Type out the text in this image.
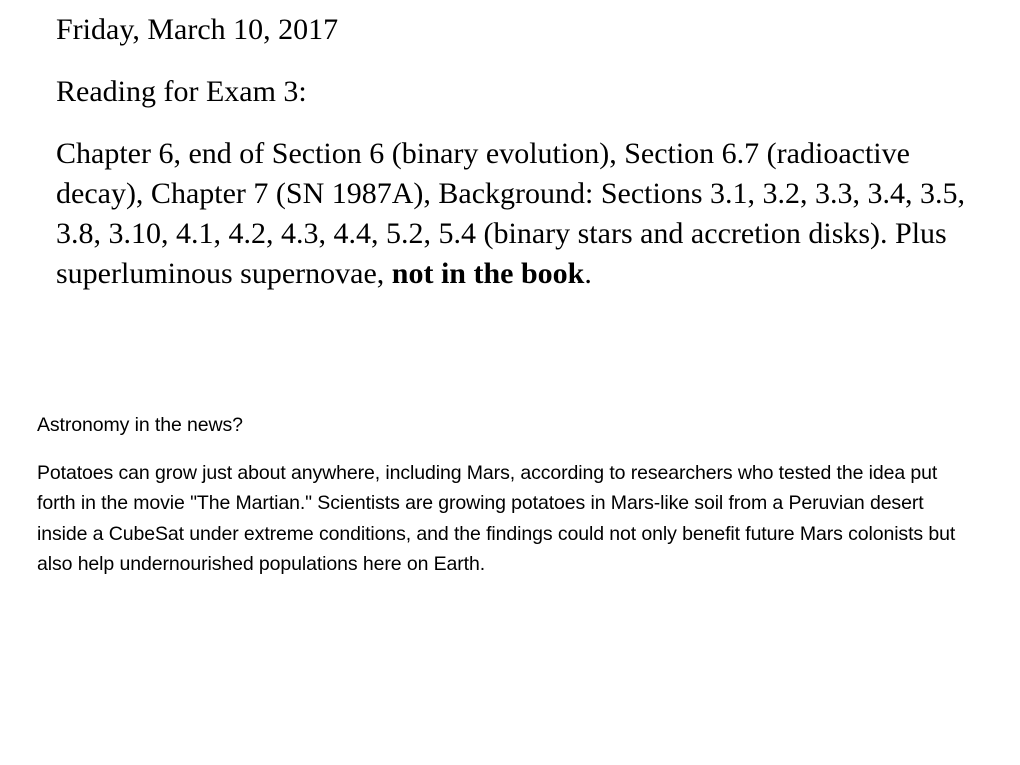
Friday, March 10, 2017

Reading for Exam 3:

Chapter 6, end of Section 6 (binary evolution), Section 6.7 (radioactive decay), Chapter 7 (SN 1987A), Background: Sections 3.1, 3.2, 3.3, 3.4, 3.5, 3.8, 3.10, 4.1, 4.2, 4.3, 4.4, 5.2, 5.4 (binary stars and accretion disks). Plus superluminous supernovae, not in the book.

Astronomy in the news?

Potatoes can grow just about anywhere, including Mars, according to researchers who tested the idea put forth in the movie "The Martian." Scientists are growing potatoes in Mars-like soil from a Peruvian desert inside a CubeSat under extreme conditions, and the findings could not only benefit future Mars colonists but also help undernourished populations here on Earth.
